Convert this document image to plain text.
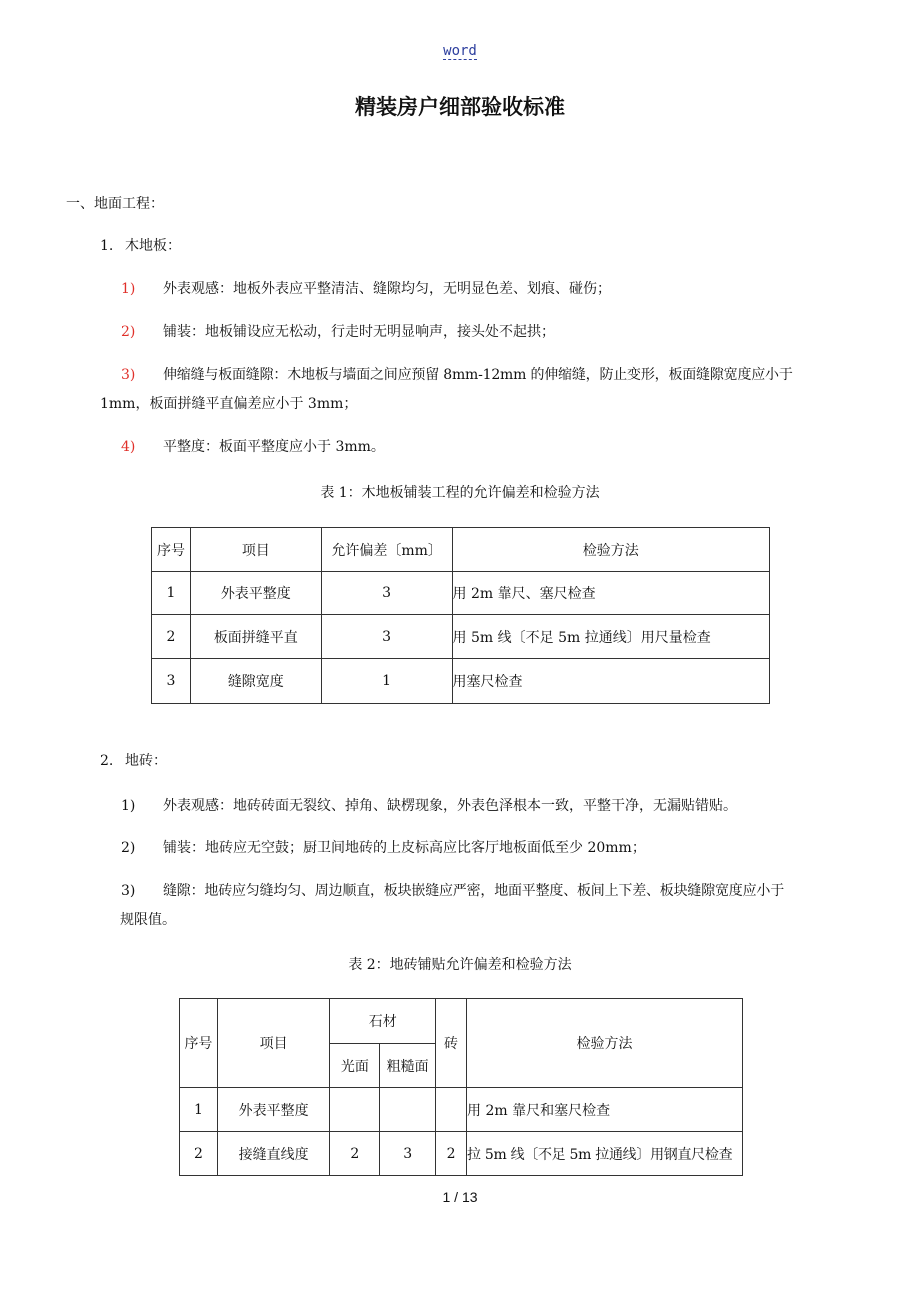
word
精装房户细部验收标准
一、地面工程：
1. 木地板：
1) 外表观感：地板外表应平整清洁、缝隙均匀，无明显色差、划痕、碰伤；
2) 铺装：地板铺设应无松动，行走时无明显响声，接头处不起拱；
3) 伸缩缝与板面缝隙：木地板与墙面之间应预留 8mm-12mm 的伸缩缝，防止变形，板面缝隙宽度应小于
1mm，板面拼缝平直偏差应小于 3mm；
4) 平整度：板面平整度应小于 3mm。
表 1：木地板铺装工程的允许偏差和检验方法
序号	项目	允许偏差〔mm〕	检验方法
1	外表平整度	3	用 2m 靠尺、塞尺检查
2	板面拼缝平直	3	用 5m 线〔不足 5m 拉通线〕用尺量检查
3	缝隙宽度	1	用塞尺检查
2. 地砖：
1) 外表观感：地砖砖面无裂纹、掉角、缺楞现象，外表色泽根本一致，平整干净，无漏贴错贴。
2) 铺装：地砖应无空鼓；厨卫间地砖的上皮标高应比客厅地板面低至少 20mm；
3) 缝隙：地砖应匀缝均匀、周边顺直，板块嵌缝应严密，地面平整度、板间上下差、板块缝隙宽度应小于
规限值。
表 2：地砖铺贴允许偏差和检验方法
序号	项目	石材		砖	检验方法
		光面	粗糙面		
1	外表平整度				用 2m 靠尺和塞尺检查
2	接缝直线度	2	3	2	拉 5m 线〔不足 5m 拉通线〕用钢直尺检查
1 / 13
